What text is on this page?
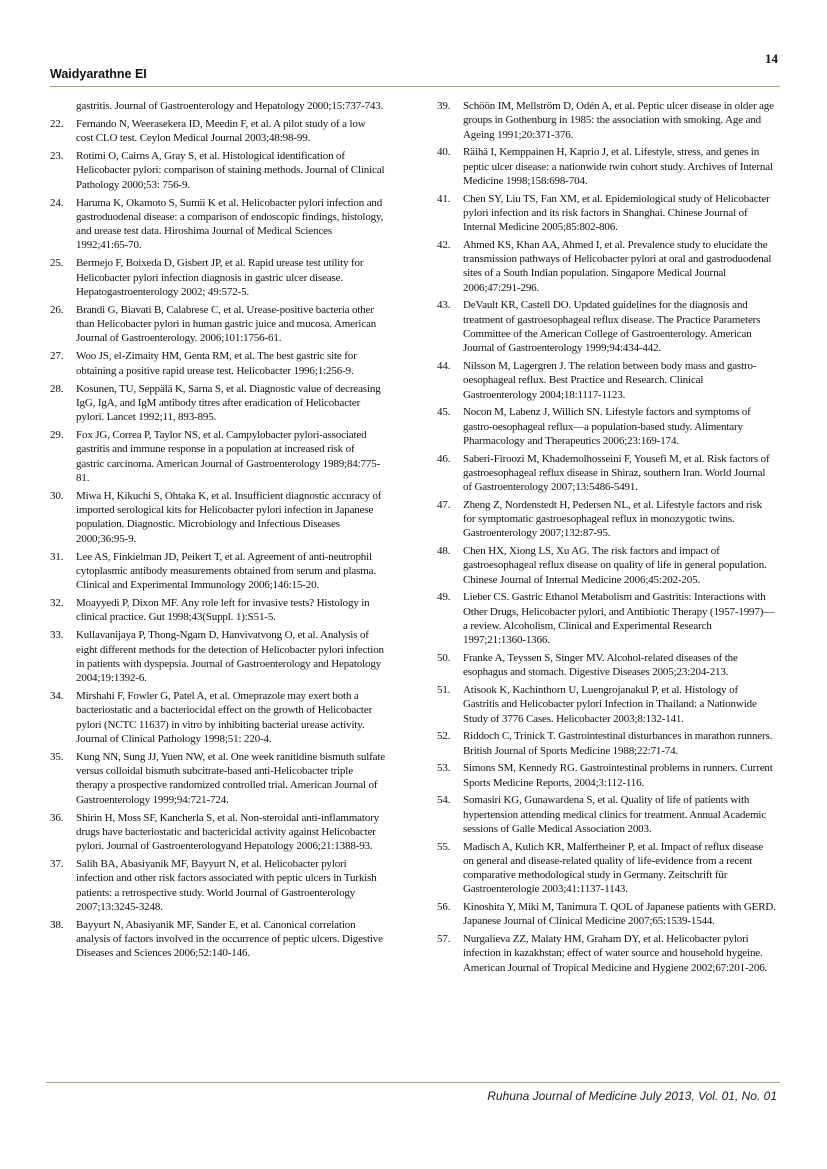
14
Waidyarathne EI
gastritis. Journal of Gastroenterology and Hepatology 2000;15:737-743.
22.	Fernando N, Weerasekera ID, Meedin F, et al. A pilot study of a low cost CLO test. Ceylon Medical Journal 2003;48:98-99.
23.	Rotimi O, Cairns A, Gray S, et al. Histological identification of Helicobacter pylori: comparison of staining methods. Journal of Clinical Pathology 2000;53: 756-9.
24.	Haruma K, Okamoto S, Sumii K et al. Helicobacter pylori infection and gastroduodenal disease: a comparison of endoscopic findings, histology, and urease test data. Hiroshima Journal of Medical Sciences 1992;41:65-70.
25.	Bermejo F, Boixeda D, Gisbert JP, et al. Rapid urease test utility for Helicobacter pylori infection diagnosis in gastric ulcer disease. Hepatogastroenterology 2002; 49:572-5.
26.	Brandi G, Biavati B, Calabrese C, et al. Urease-positive bacteria other than Helicobacter pylori in human gastric juice and mucosa. American Journal of Gastroenterology. 2006;101:1756-61.
27.	Woo JS, el-Zimaity HM, Genta RM, et al. The best gastric site for obtaining a positive rapid urease test. Helicobacter 1996;1:256-9.
28.	Kosunen, TU, Seppälä K, Sarna S, et al. Diagnostic value of decreasing IgG, IgA, and IgM antibody titres after eradication of Helicobacter pylori. Lancet 1992;11, 893-895.
29.	Fox JG, Correa P, Taylor NS, et al. Campylobacter pylori-associated gastritis and immune response in a population at increased risk of gastric carcinoma. American Journal of Gastroenterology 1989;84:775-81.
30.	Miwa H, Kikuchi S, Ohtaka K, et al. Insufficient diagnostic accuracy of imported serological kits for Helicobacter pylori infection in Japanese population. Diagnostic. Microbiology and Infectious Diseases 2000;36:95-9.
31.	Lee AS, Finkielman JD, Peikert T, et al. Agreement of anti-neutrophil cytoplasmic antibody measurements obtained from serum and plasma. Clinical and Experimental Immunology 2006;146:15-20.
32.	Moayyedi P, Dixon MF. Any role left for invasive tests? Histology in clinical practice. Gut 1998;43(Suppl. 1):S51-5.
33.	Kullavanijaya P, Thong-Ngam D, Hanvivatvong O, et al. Analysis of eight different methods for the detection of Helicobacter pylori infection in patients with dyspepsia. Journal of Gastroenterology and Hepatology 2004;19:1392-6.
34.	Mirshahi F, Fowler G, Patel A, et al. Omeprazole may exert both a bacteriostatic and a bacteriocidal effect on the growth of Helicobacter pylori (NCTC 11637) in vitro by inhibiting bacterial urease activity. Journal of Clinical Pathology 1998;51: 220-4.
35.	Kung NN, Sung JJ, Yuen NW, et al. One week ranitidine bismuth sulfate versus colloidal bismuth subcitrate-based anti-Helicobacter triple therapy a prospective randomized controlled trial. American Journal of Gastroenterology 1999;94:721-724.
36.	Shirin H, Moss SF, Kancherla S, et al. Non-steroidal anti-inflammatory drugs have bacteriostatic and bactericidal activity against Helicobacter pylori. Journal of Gastroenterologyand Hepatology 2006;21:1388-93.
37.	Salih BA, Abasiyanik MF, Bayyurt N, et al. Helicobacter pylori infection and other risk factors associated with peptic ulcers in Turkish patients: a retrospective study. World Journal of Gastroenterology 2007;13:3245-3248.
38.	Bayyurt N, Abasiyanik MF, Sander E, et al. Canonical correlation analysis of factors involved in the occurrence of peptic ulcers. Digestive Diseases and Sciences 2006;52:140-146.
39.	Schöön IM, Mellström D, Odén A, et al. Peptic ulcer disease in older age groups in Gothenburg in 1985: the association with smoking. Age and Ageing 1991;20:371-376.
40.	Räihä I, Kemppainen H, Kaprio J, et al. Lifestyle, stress, and genes in peptic ulcer disease: a nationwide twin cohort study. Archives of Internal Medicine 1998;158:698-704.
41.	Chen SY, Liu TS, Fan XM, et al. Epidemiological study of Helicobacter pylori infection and its risk factors in Shanghai. Chinese Journal of Internal Medicine 2005;85:802-806.
42.	Ahmed KS, Khan AA, Ahmed I, et al. Prevalence study to elucidate the transmission pathways of Helicobacter pylori at oral and gastroduodenal sites of a South Indian population. Singapore Medical Journal 2006;47:291-296.
43.	DeVault KR, Castell DO. Updated guidelines for the diagnosis and treatment of gastroesophageal reflux disease. The Practice Parameters Committee of the American College of Gastroenterology. American Journal of Gastroenterology 1999;94:434-442.
44.	Nilsson M, Lagergren J. The relation between body mass and gastro-oesophageal reflux. Best Practice and Research. Clinical Gastroenterology 2004;18:1117-1123.
45.	Nocon M, Labenz J, Willich SN. Lifestyle factors and symptoms of gastro-oesophageal reflux—a population-based study. Alimentary Pharmacology and Therapeutics 2006;23:169-174.
46.	Saberi-Firoozi M, Khademolhosseini F, Yousefi M, et al. Risk factors of gastroesophageal reflux disease in Shiraz, southern Iran. World Journal of Gastroenterology 2007;13:5486-5491.
47.	Zheng Z, Nordenstedt H, Pedersen NL, et al. Lifestyle factors and risk for symptomatic gastroesophageal reflux in monozygotic twins. Gastroenterology 2007;132:87-95.
48.	Chen HX, Xiong LS, Xu AG. The risk factors and impact of gastroesophageal reflux disease on quality of life in general population. Chinese Journal of Internal Medicine 2006;45:202-205.
49.	Lieber CS. Gastric Ethanol Metabolism and Gastritis: Interactions with Other Drugs, Helicobacter pylori, and Antibiotic Therapy (1957-1997)—a review. Alcoholism, Clinical and Experimental Research 1997;21:1360-1366.
50.	Franke A, Teyssen S, Singer MV. Alcohol-related diseases of the esophagus and stomach. Digestive Diseases 2005;23:204-213.
51.	Atisook K, Kachinthorn U, Luengrojanakul P, et al. Histology of Gastritis and Helicobacter pylori Infection in Thailand: a Nationwide Study of 3776 Cases. Helicobacter 2003;8:132-141.
52.	Riddoch C, Trinick T. Gastrointestinal disturbances in marathon runners. British Journal of Sports Medicine 1988;22:71-74.
53.	Simons SM, Kennedy RG. Gastrointestinal problems in runners. Current Sports Medicine Reports, 2004;3:112-116.
54.	Somasiri KG, Gunawardena S, et al. Quality of life of patients with hypertension attending medical clinics for treatment. Annual Academic sessions of Galle Medical Association 2003.
55.	Madisch A, Kulich KR, Malfertheiner P, et al. Impact of reflux disease on general and disease-related quality of life-evidence from a recent comparative methodological study in Germany. Zeitschrift für Gastroenterologie 2003;41:1137-1143.
56.	Kinoshita Y, Miki M, Tanimura T. QOL of Japanese patients with GERD. Japanese Journal of Clinical Medicine 2007;65:1539-1544.
57.	Nurgalieva ZZ, Malaty HM, Graham DY, et al. Helicobacter pylori infection in kazakhstan; effect of water source and household hygeine. American Journal of Tropical Medicine and Hygiene 2002;67:201-206.
Ruhuna Journal of Medicine July 2013, Vol. 01, No. 01
